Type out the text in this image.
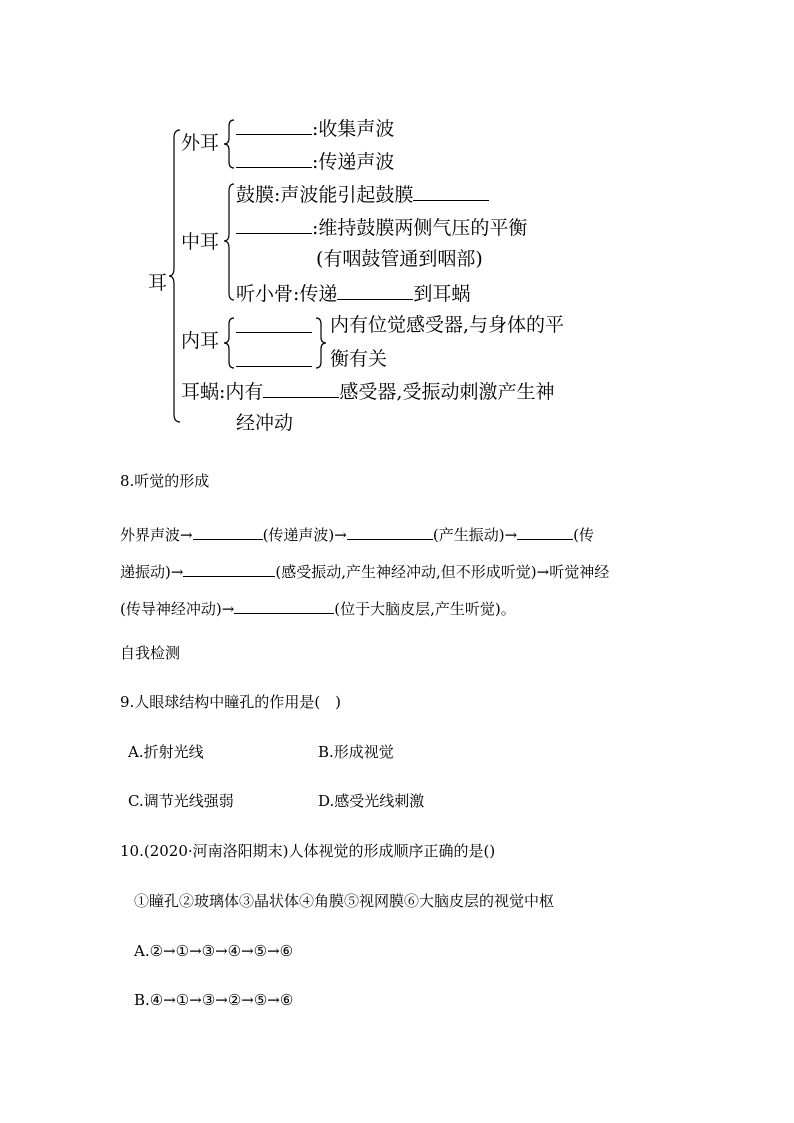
耳
外耳
:收集声波
:传递声波
中耳
鼓膜:声波能引起鼓膜
:维持鼓膜两侧气压的平衡
(有咽鼓管通到咽部)
听小骨:传递	到耳蜗
内耳
内有位觉感受器,与身体的平
衡有关
耳蜗:内有	感受器,受振动刺激产生神
经冲动
8.听觉的形成
外界声波→	(传递声波)→	(产生振动)→	(传
递振动)→	(感受振动,产生神经冲动,但不形成听觉)→听觉神经
(传导神经冲动)→	(位于大脑皮层,产生听觉)。
自我检测
9.人眼球结构中瞳孔的作用是(　)
A.折射光线	B.形成视觉
C.调节光线强弱	D.感受光线刺激
10.(2020·河南洛阳期末)人体视觉的形成顺序正确的是()
①瞳孔②玻璃体③晶状体④角膜⑤视网膜⑥大脑皮层的视觉中枢
A.②→①→③→④→⑤→⑥
B.④→①→③→②→⑤→⑥
